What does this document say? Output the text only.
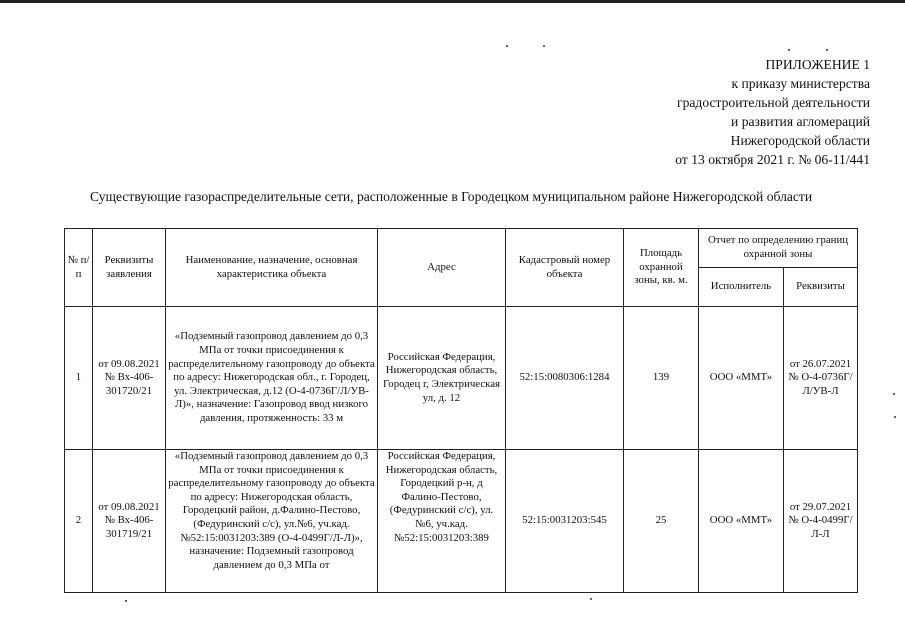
ПРИЛОЖЕНИЕ 1
к приказу министерства
градостроительной деятельности
и развития агломераций
Нижегородской области
от 13 октября 2021 г. № 06-11/441
Существующие газораспределительные сети, расположенные в Городецком муниципальном районе Нижегородской области
№ п/п	Реквизиты заявления	Наименование, назначение, основная характеристика объекта	Адрес	Кадастровый номер объекта	Площадь охранной зоны, кв. м.	Отчет по определению границ охранной зоны	
						Исполнитель	Реквизиты
1	от 09.08.2021 № Вх-406-301720/21	«Подземный газопровод давлением до 0,3 МПа от точки присоединения к распределительному газопроводу до объекта по адресу: Нижегородская обл., г. Городец, ул. Электрическая, д.12 (О-4-0736Г/Л/УВ-Л)», назначение: Газопровод ввод низкого давления, протяженность: 33 м	Российская Федерация, Нижегородская область, Городец г, Электрическая ул, д. 12	52:15:0080306:1284	139	ООО «ММТ»	от 26.07.2021 № О-4-0736Г/Л/УВ-Л
2	от 09.08.2021 № Вх-406-301719/21	«Подземный газопровод давлением до 0,3 МПа от точки присоединения к распределительному газопроводу до объекта по адресу: Нижегородская область, Городецкий район, д.Фалино-Пестово, (Федуринский с/с), ул.№6, уч.кад.№52:15:0031203:389 (О-4-0499Г/Л-Л)», назначение: Подземный газопровод давлением до 0,3 МПа от	Российская Федерация, Нижегородская область, Городецкий р-н, д Фалино-Пестово, (Федуринский с/с), ул. №6, уч.кад.№52:15:0031203:389	52:15:0031203:545	25	ООО «ММТ»	от 29.07.2021 № О-4-0499Г/Л-Л
